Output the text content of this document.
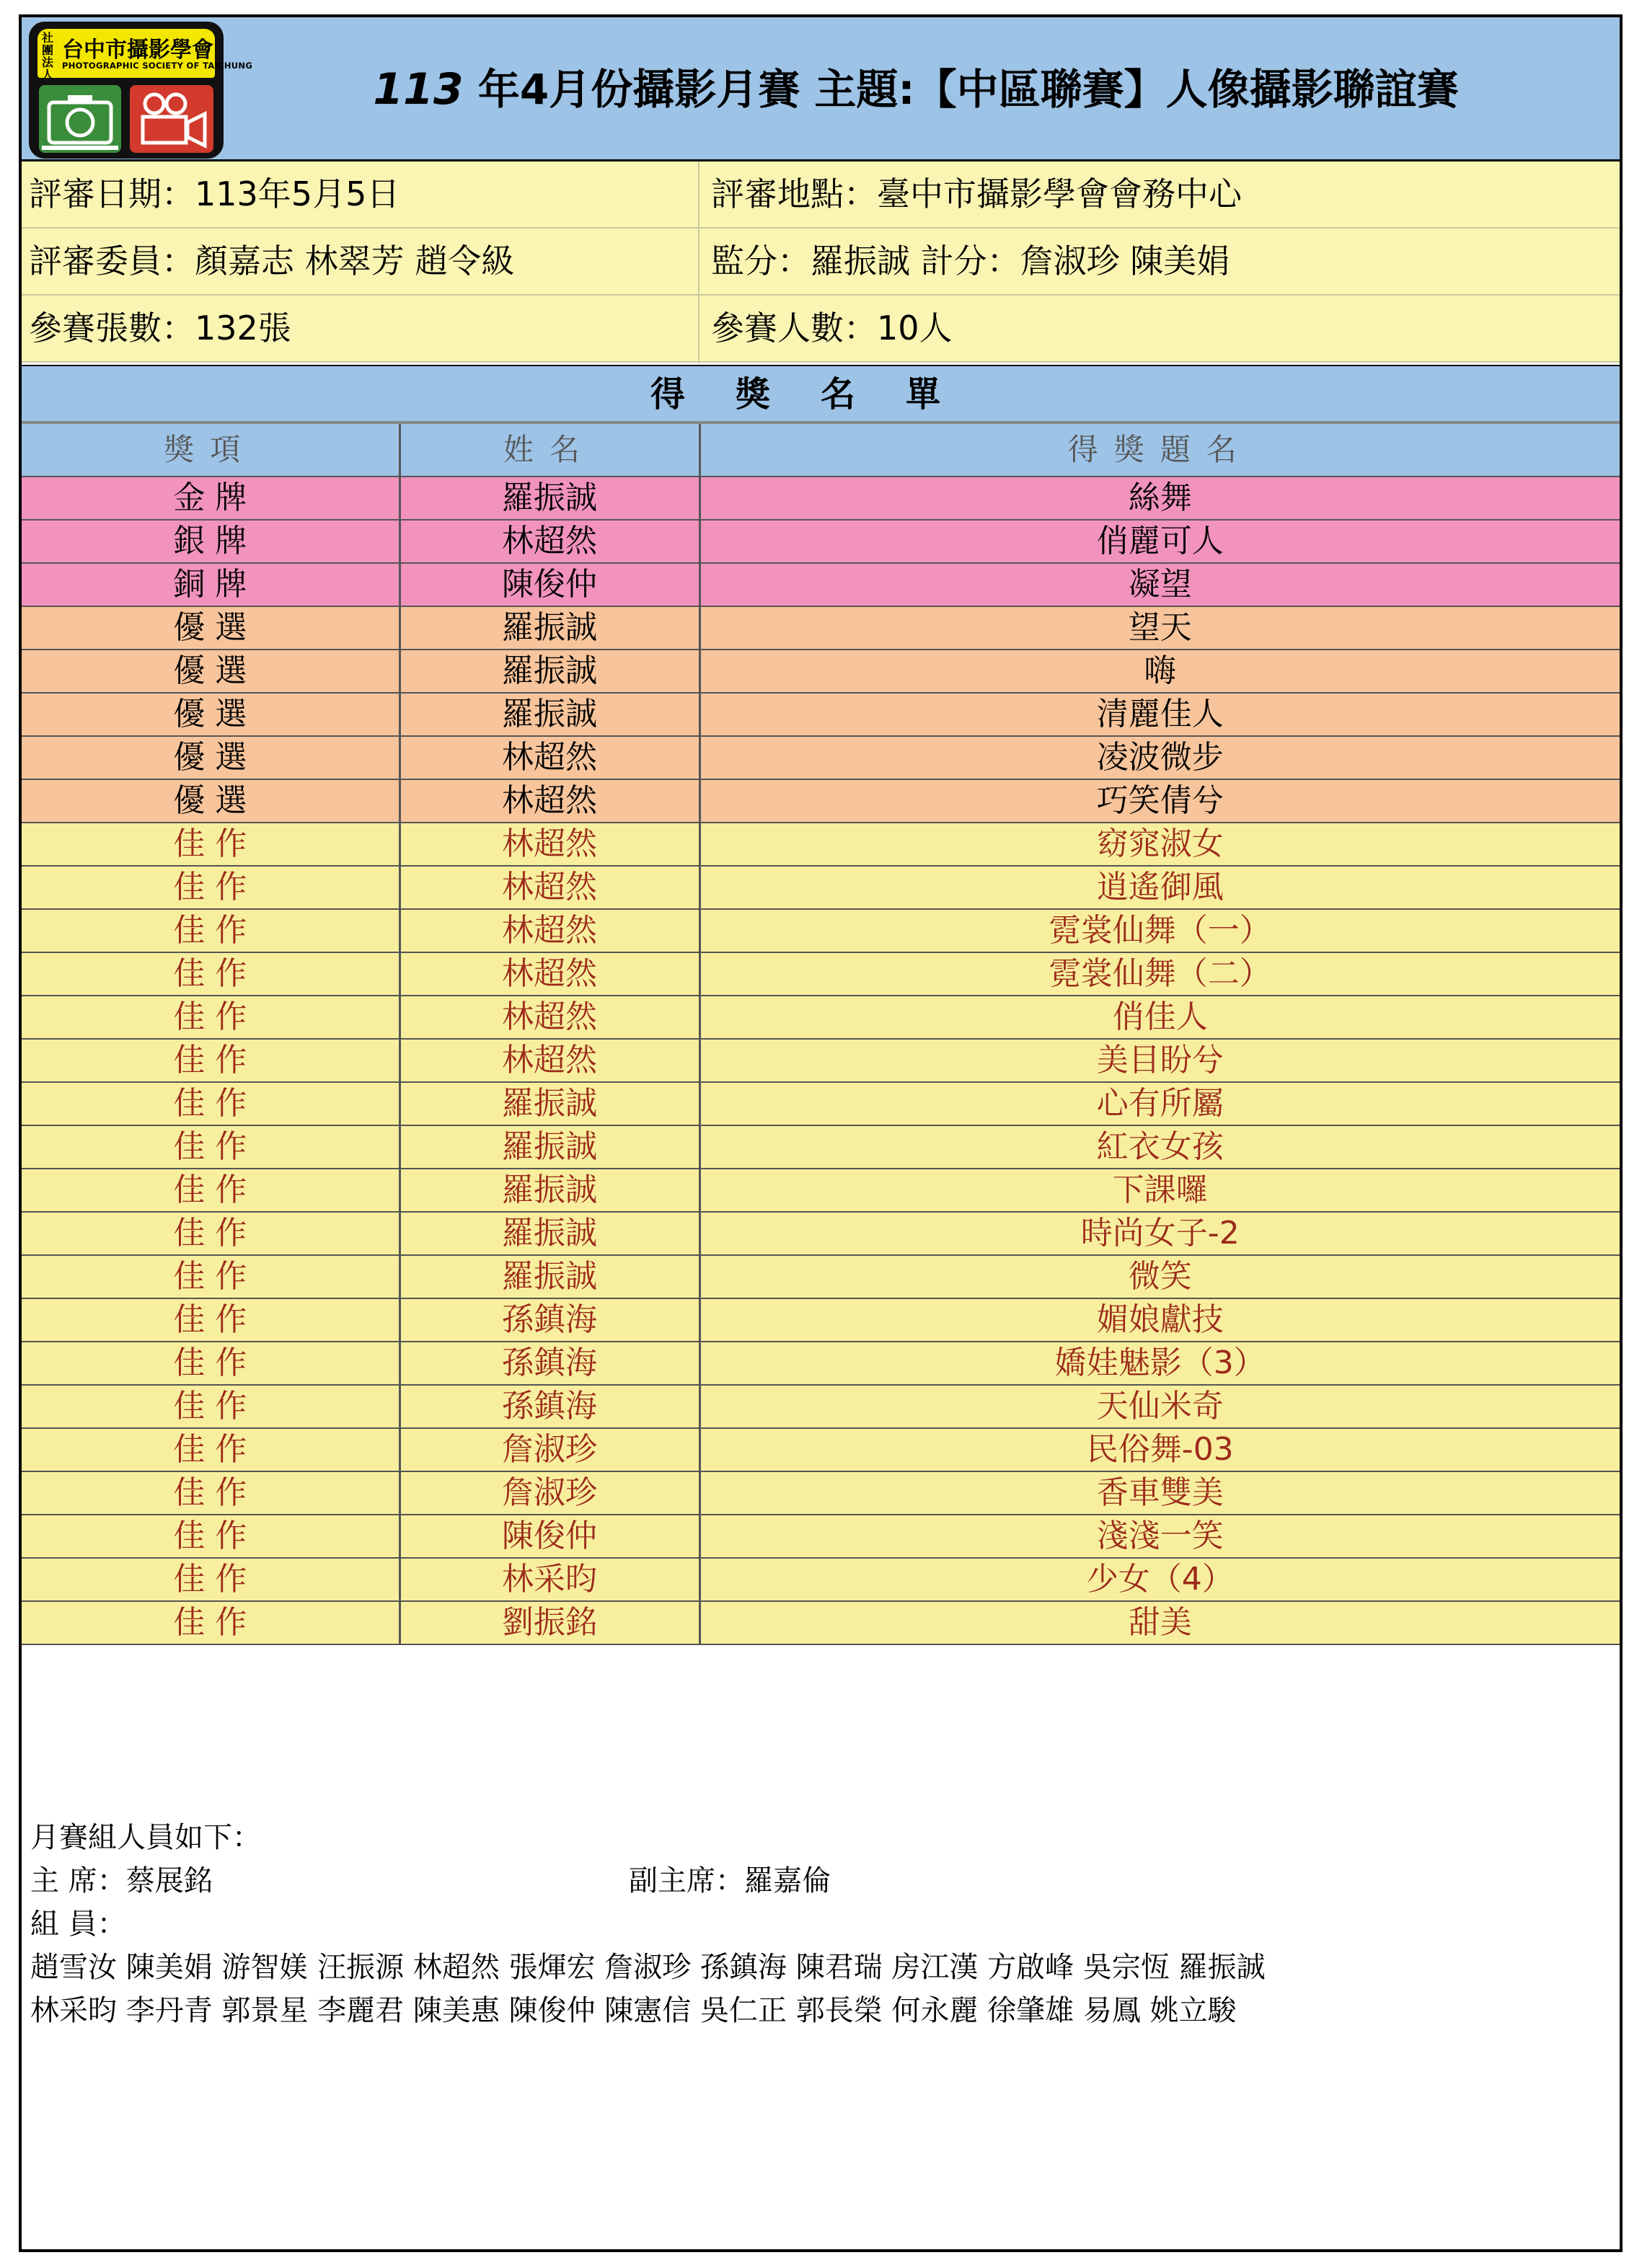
社團法人
台中市攝影學會
PHOTOGRAPHIC SOCIETY OF TAICHUNG	113 年4月份攝影月賽 主題:【中區聯賽】人像攝影聯誼賽
評審日期：113年5月5日	評審地點：臺中市攝影學會會務中心
評審委員：顏嘉志 林翠芳 趙令級	監分：羅振誠 計分：詹淑珍 陳美娟
參賽張數：132張	參賽人數：10人
得獎名單
獎項	姓名	得獎題名
金 牌	羅振誠	絲舞
銀 牌	林超然	俏麗可人
銅 牌	陳俊仲	凝望
優 選	羅振誠	望天
優 選	羅振誠	嗨
優 選	羅振誠	清麗佳人
優 選	林超然	凌波微步
優 選	林超然	巧笑倩兮
佳 作	林超然	窈窕淑女
佳 作	林超然	逍遙御風
佳 作	林超然	霓裳仙舞（一）
佳 作	林超然	霓裳仙舞（二）
佳 作	林超然	俏佳人
佳 作	林超然	美目盼兮
佳 作	羅振誠	心有所屬
佳 作	羅振誠	紅衣女孩
佳 作	羅振誠	下課囉
佳 作	羅振誠	時尚女子-2
佳 作	羅振誠	微笑
佳 作	孫鎮海	媚娘獻技
佳 作	孫鎮海	嬌娃魅影（3）
佳 作	孫鎮海	天仙米奇
佳 作	詹淑珍	民俗舞-03
佳 作	詹淑珍	香車雙美
佳 作	陳俊仲	淺淺一笑
佳 作	林采昀	少女（4）
佳 作	劉振銘	甜美
月賽組人員如下：
主 席：蔡展銘	副主席：羅嘉倫
組 員：
趙雪汝 陳美娟 游智媄 汪振源 林超然 張煇宏 詹淑珍 孫鎮海 陳君瑞 房江漢 方啟峰 吳宗恆 羅振誠
林采昀 李丹青 郭景星 李麗君 陳美惠 陳俊仲 陳憲信 吳仁正 郭長榮 何永麗 徐肇雄 易鳳 姚立駿
